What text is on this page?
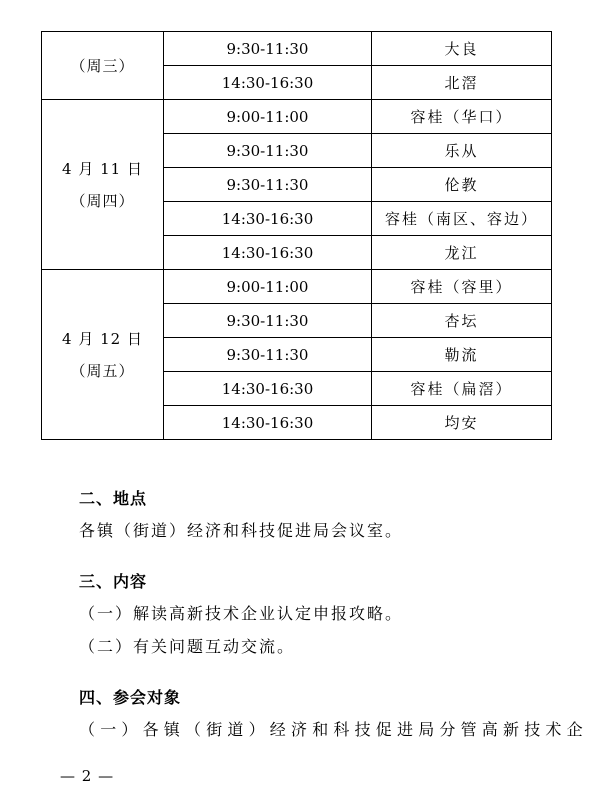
（周三）	9:30-11:30	大良
	14:30-16:30	北滘

4 月 11 日
（周四）	9:00-11:00	容桂（华口）
	9:30-11:30	乐从
	9:30-11:30	伦教
	14:30-16:30	容桂（南区、容边）
	14:30-16:30	龙江

4 月 12 日
（周五）	9:00-11:00	容桂（容里）
	9:30-11:30	杏坛
	9:30-11:30	勒流
	14:30-16:30	容桂（扁滘）
	14:30-16:30	均安
二、地点
各镇（街道）经济和科技促进局会议室。
三、内容
（一）解读高新技术企业认定申报攻略。
（二）有关问题互动交流。
四、参会对象
（一）各镇（街道）经济和科技促进局分管高新技术企
— 2 —
